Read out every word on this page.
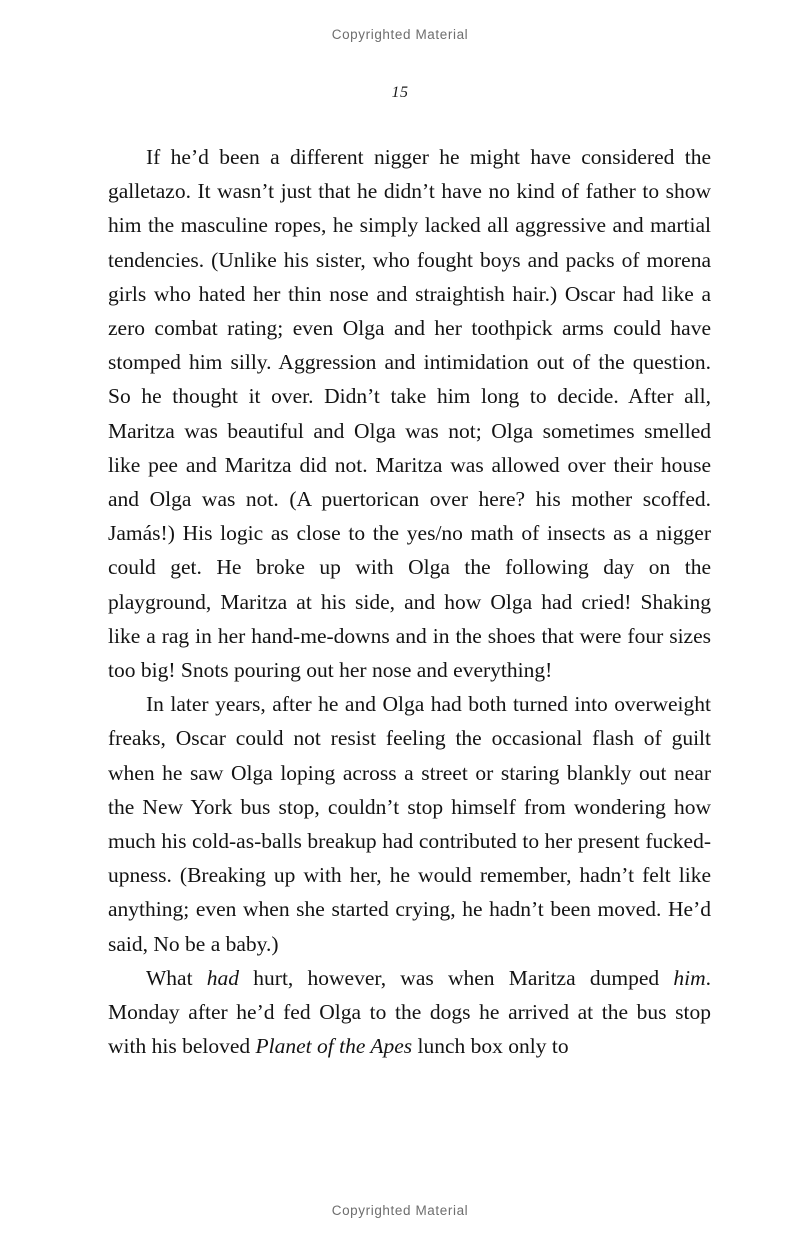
Copyrighted Material
15

If he’d been a different nigger he might have considered the galletazo. It wasn’t just that he didn’t have no kind of father to show him the masculine ropes, he simply lacked all aggressive and martial tendencies. (Unlike his sister, who fought boys and packs of morena girls who hated her thin nose and straightish hair.) Oscar had like a zero combat rating; even Olga and her toothpick arms could have stomped him silly. Aggression and intimidation out of the question. So he thought it over. Didn’t take him long to decide. After all, Maritza was beautiful and Olga was not; Olga sometimes smelled like pee and Maritza did not. Maritza was allowed over their house and Olga was not. (A puertorican over here? his mother scoffed. Jamás!) His logic as close to the yes/no math of insects as a nigger could get. He broke up with Olga the following day on the playground, Maritza at his side, and how Olga had cried! Shaking like a rag in her hand-me-downs and in the shoes that were four sizes too big! Snots pouring out her nose and everything!

In later years, after he and Olga had both turned into overweight freaks, Oscar could not resist feeling the occasional flash of guilt when he saw Olga loping across a street or staring blankly out near the New York bus stop, couldn’t stop himself from wondering how much his cold-as-balls breakup had contributed to her present fucked-upness. (Breaking up with her, he would remember, hadn’t felt like anything; even when she started crying, he hadn’t been moved. He’d said, No be a baby.)

What had hurt, however, was when Maritza dumped him. Monday after he’d fed Olga to the dogs he arrived at the bus stop with his beloved Planet of the Apes lunch box only to

Copyrighted Material
